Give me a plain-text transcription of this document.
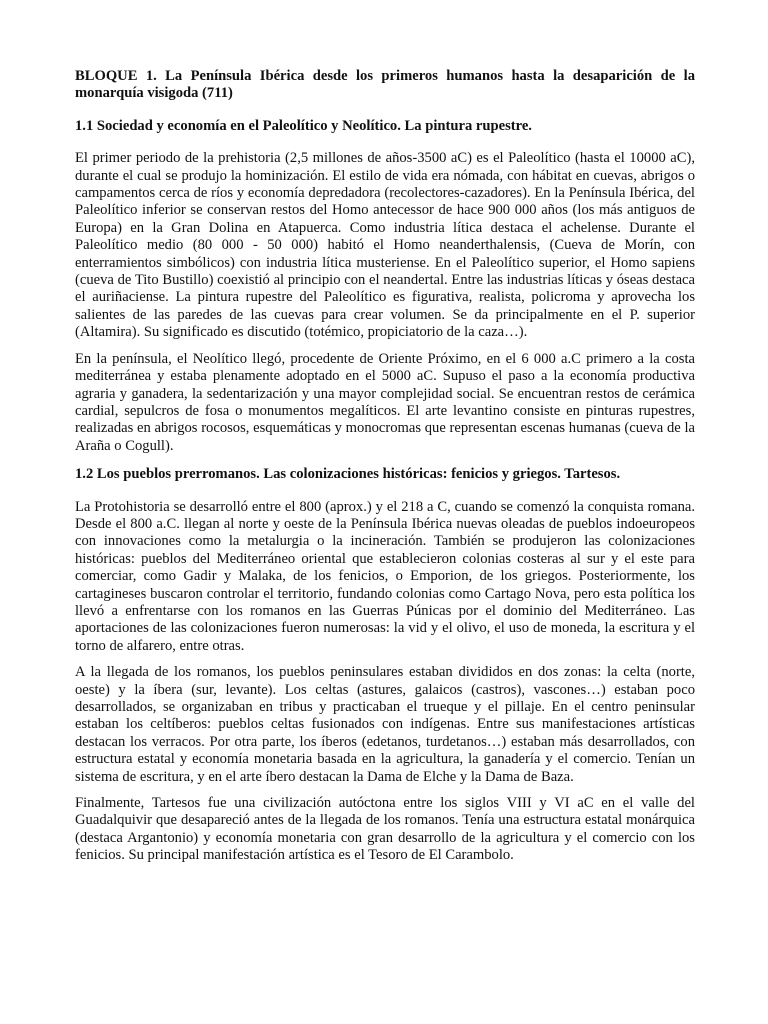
BLOQUE 1. La Península Ibérica desde los primeros humanos hasta la desaparición de la monarquía visigoda (711)
1.1 Sociedad y economía en el Paleolítico y Neolítico. La pintura rupestre.

El primer periodo de la prehistoria (2,5 millones de años-3500 aC) es el Paleolítico (hasta el 10000 aC), durante el cual se produjo la hominización. El estilo de vida era nómada, con hábitat en cuevas, abrigos o campamentos cerca de ríos y economía depredadora (recolectores-cazadores). En la Península Ibérica, del Paleolítico inferior se conservan restos del Homo antecessor de hace 900 000 años (los más antiguos de Europa) en la Gran Dolina en Atapuerca. Como industria lítica destaca el achelense. Durante el Paleolítico medio (80 000 - 50 000) habitó el Homo neanderthalensis, (Cueva de Morín, con enterramientos simbólicos) con industria lítica musteriense. En el Paleolítico superior, el Homo sapiens (cueva de Tito Bustillo) coexistió al principio con el neandertal. Entre las industrias líticas y óseas destaca el auriñaciense. La pintura rupestre del Paleolítico es figurativa, realista, policroma y aprovecha los salientes de las paredes de las cuevas para crear volumen. Se da principalmente en el P. superior (Altamira). Su significado es discutido (totémico, propiciatorio de la caza…).

En la península, el Neolítico llegó, procedente de Oriente Próximo, en el 6 000 a.C primero a la costa mediterránea y estaba plenamente adoptado en el 5000 aC. Supuso el paso a la economía productiva agraria y ganadera, la sedentarización y una mayor complejidad social. Se encuentran restos de cerámica cardial, sepulcros de fosa o monumentos megalíticos. El arte levantino consiste en pinturas rupestres, realizadas en abrigos rocosos, esquemáticas y monocromas que representan escenas humanas (cueva de la Araña o Cogull).

1.2 Los pueblos prerromanos. Las colonizaciones históricas: fenicios y griegos. Tartesos.

La Protohistoria se desarrolló entre el 800 (aprox.) y el 218 a C, cuando se comenzó la conquista romana. Desde el 800 a.C. llegan al norte y oeste de la Península Ibérica nuevas oleadas de pueblos indoeuropeos con innovaciones como la metalurgia o la incineración. También se produjeron las colonizaciones históricas: pueblos del Mediterráneo oriental que establecieron colonias costeras al sur y el este para comerciar, como Gadir y Malaka, de los fenicios, o Emporion, de los griegos. Posteriormente, los cartagineses buscaron controlar el territorio, fundando colonias como Cartago Nova, pero esta política los llevó a enfrentarse con los romanos en las Guerras Púnicas por el dominio del Mediterráneo. Las aportaciones de las colonizaciones fueron numerosas: la vid y el olivo, el uso de moneda, la escritura y el torno de alfarero, entre otras.

A la llegada de los romanos, los pueblos peninsulares estaban divididos en dos zonas: la celta (norte, oeste) y la íbera (sur, levante). Los celtas (astures, galaicos (castros), vascones…) estaban poco desarrollados, se organizaban en tribus y practicaban el trueque y el pillaje. En el centro peninsular estaban los celtíberos: pueblos celtas fusionados con indígenas. Entre sus manifestaciones artísticas destacan los verracos. Por otra parte, los íberos (edetanos, turdetanos…) estaban más desarrollados, con estructura estatal y economía monetaria basada en la agricultura, la ganadería y el comercio. Tenían un sistema de escritura, y en el arte íbero destacan la Dama de Elche y la Dama de Baza.

Finalmente, Tartesos fue una civilización autóctona entre los siglos VIII y VI aC en el valle del Guadalquivir que desapareció antes de la llegada de los romanos. Tenía una estructura estatal monárquica (destaca Argantonio) y economía monetaria con gran desarrollo de la agricultura y el comercio con los fenicios. Su principal manifestación artística es el Tesoro de El Carambolo.
